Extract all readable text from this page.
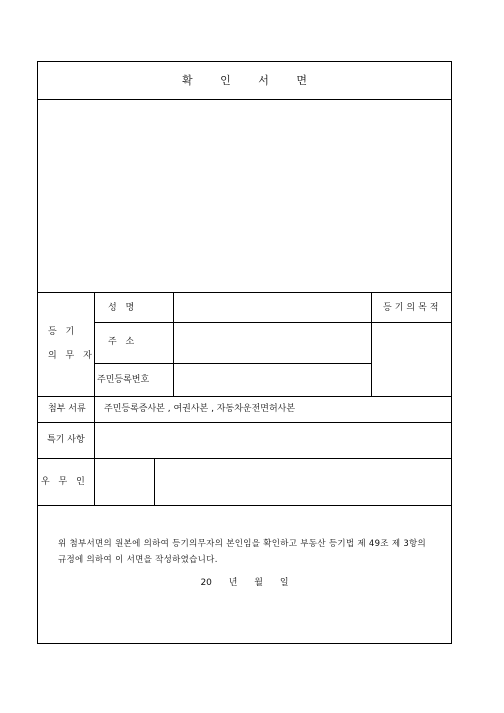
확 인 서 면
등 기
의 무 자
성 명
주 소
주민등록번호
등기의목적
첨부 서류 주민등록증사본 , 여권사본 , 자동차운전면허사본
특기 사항
우 무 인
위 첨부서면의 원본에 의하여 등기의무자의 본인임을 확인하고 부동산 등기법 제 49조 제 3항의 규정에 의하여 이 서면을 작성하였습니다.
20 년 월 일
